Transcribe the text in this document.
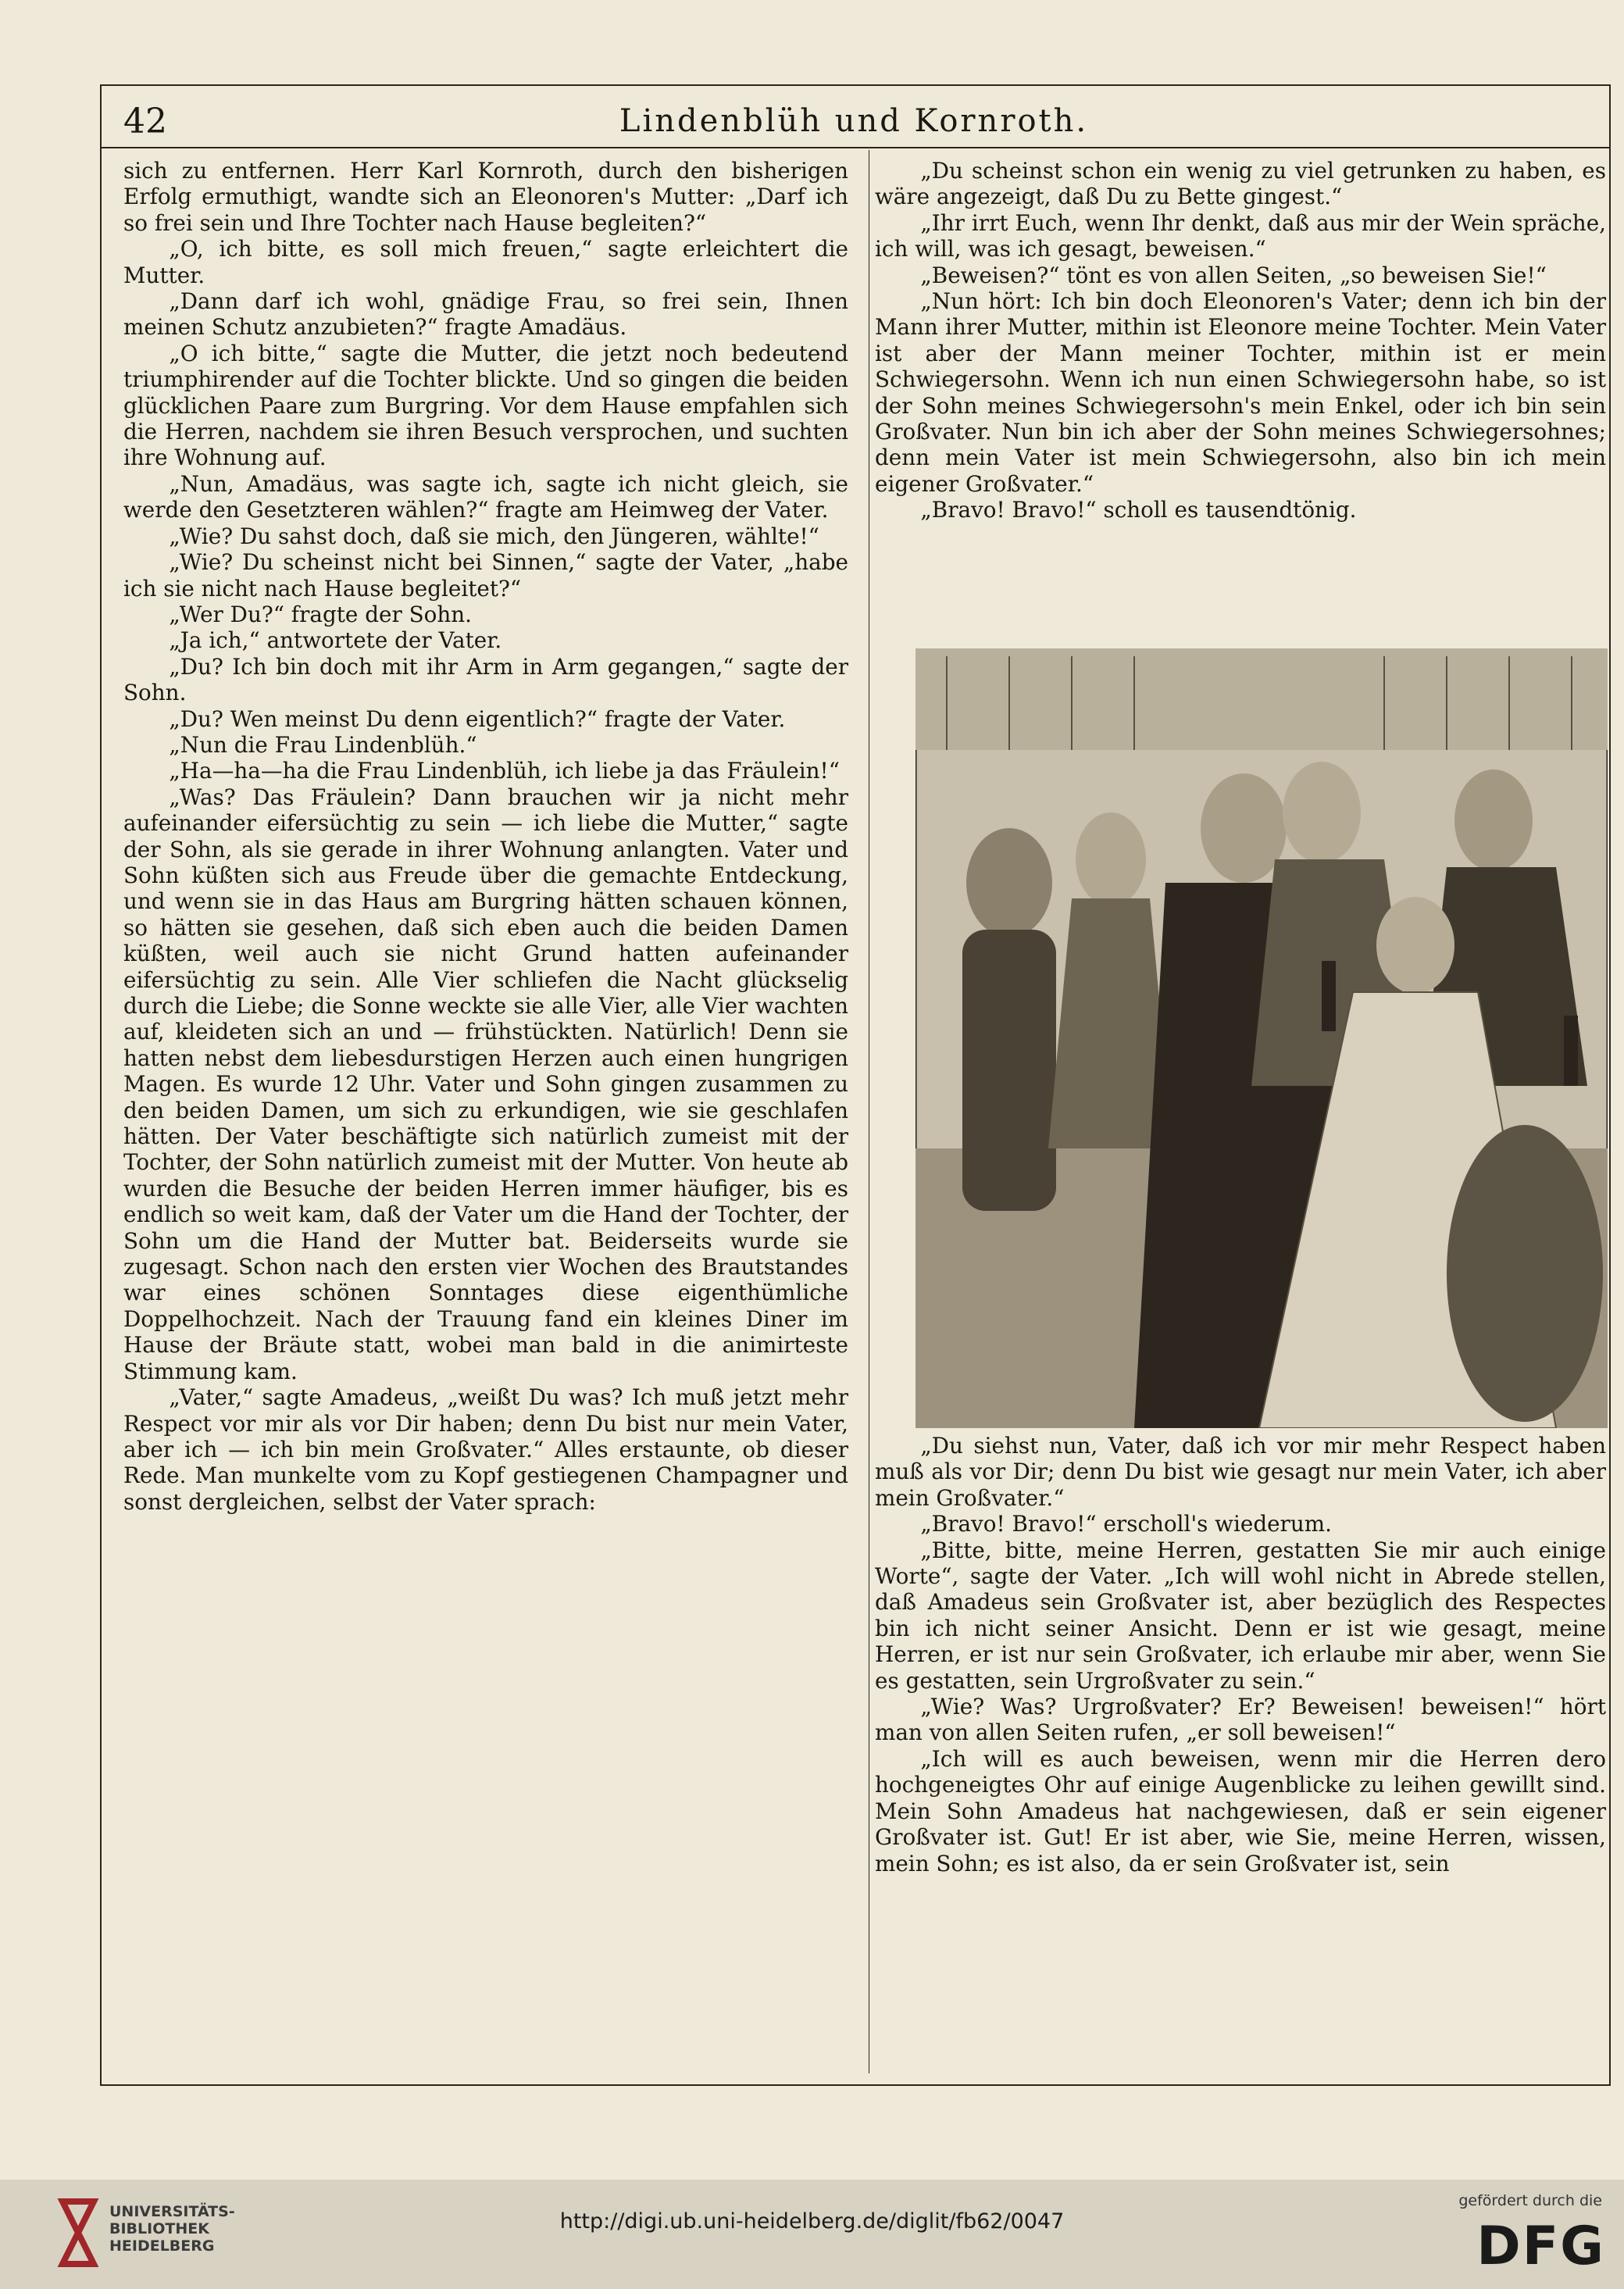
42	Lindenblüh und Kornroth.

sich zu entfernen. Herr Karl Kornroth, durch den bisherigen Erfolg ermuthigt, wandte sich an Eleonoren's Mutter: „Darf ich so frei sein und Ihre Tochter nach Hause begleiten?“

„O, ich bitte, es soll mich freuen,“ sagte erleichtert die Mutter.

„Dann darf ich wohl, gnädige Frau, so frei sein, Ihnen meinen Schutz anzubieten?“ fragte Amadäus.

„O ich bitte,“ sagte die Mutter, die jetzt noch bedeutend triumphirender auf die Tochter blickte. Und so gingen die beiden glücklichen Paare zum Burgring. Vor dem Hause empfahlen sich die Herren, nachdem sie ihren Besuch versprochen, und suchten ihre Wohnung auf.

„Nun, Amadäus, was sagte ich, sagte ich nicht gleich, sie werde den Gesetzteren wählen?“ fragte am Heimweg der Vater.

„Wie? Du sahst doch, daß sie mich, den Jüngeren, wählte!“

„Wie? Du scheinst nicht bei Sinnen,“ sagte der Vater, „habe ich sie nicht nach Hause begleitet?“

„Wer Du?“ fragte der Sohn.

„Ja ich,“ antwortete der Vater.

„Du? Ich bin doch mit ihr Arm in Arm gegangen,“ sagte der Sohn.

„Du? Wen meinst Du denn eigentlich?“ fragte der Vater.

„Nun die Frau Lindenblüh.“

„Ha—ha—ha die Frau Lindenblüh, ich liebe ja das Fräulein!“

„Was? Das Fräulein? Dann brauchen wir ja nicht mehr aufeinander eifersüchtig zu sein — ich liebe die Mutter,“ sagte der Sohn, als sie gerade in ihrer Wohnung anlangten. Vater und Sohn küßten sich aus Freude über die gemachte Entdeckung, und wenn sie in das Haus am Burgring hätten schauen können, so hätten sie gesehen, daß sich eben auch die beiden Damen küßten, weil auch sie nicht Grund hatten aufeinander eifersüchtig zu sein. Alle Vier schliefen die Nacht glückselig durch die Liebe; die Sonne weckte sie alle Vier, alle Vier wachten auf, kleideten sich an und — frühstückten. Natürlich! Denn sie hatten nebst dem liebesdurstigen Herzen auch einen hungrigen Magen. Es wurde 12 Uhr. Vater und Sohn gingen zusammen zu den beiden Damen, um sich zu erkundigen, wie sie geschlafen hätten. Der Vater beschäftigte sich natürlich zumeist mit der Tochter, der Sohn natürlich zumeist mit der Mutter. Von heute ab wurden die Besuche der beiden Herren immer häufiger, bis es endlich so weit kam, daß der Vater um die Hand der Tochter, der Sohn um die Hand der Mutter bat. Beiderseits wurde sie zugesagt. Schon nach den ersten vier Wochen des Brautstandes war eines schönen Sonntages diese eigenthümliche Doppelhochzeit. Nach der Trauung fand ein kleines Diner im Hause der Bräute statt, wobei man bald in die animirteste Stimmung kam.

„Vater,“ sagte Amadeus, „weißt Du was? Ich muß jetzt mehr Respect vor mir als vor Dir haben; denn Du bist nur mein Vater, aber ich — ich bin mein Großvater.“ Alles erstaunte, ob dieser Rede. Man munkelte vom zu Kopf gestiegenen Champagner und sonst dergleichen, selbst der Vater sprach:

„Du scheinst schon ein wenig zu viel getrunken zu haben, es wäre angezeigt, daß Du zu Bette gingest.“

„Ihr irrt Euch, wenn Ihr denkt, daß aus mir der Wein spräche, ich will, was ich gesagt, beweisen.“

„Beweisen?“ tönt es von allen Seiten, „so beweisen Sie!“

„Nun hört: Ich bin doch Eleonoren's Vater; denn ich bin der Mann ihrer Mutter, mithin ist Eleonore meine Tochter. Mein Vater ist aber der Mann meiner Tochter, mithin ist er mein Schwiegersohn. Wenn ich nun einen Schwiegersohn habe, so ist der Sohn meines Schwiegersohn's mein Enkel, oder ich bin sein Großvater. Nun bin ich aber der Sohn meines Schwiegersohnes; denn mein Vater ist mein Schwiegersohn, also bin ich mein eigener Großvater.“

„Bravo! Bravo!“ scholl es tausendtönig.

„Du siehst nun, Vater, daß ich vor mir mehr Respect haben muß als vor Dir; denn Du bist wie gesagt nur mein Vater, ich aber mein Großvater.“

„Bravo! Bravo!“ erscholl's wiederum.

„Bitte, bitte, meine Herren, gestatten Sie mir auch einige Worte“, sagte der Vater. „Ich will wohl nicht in Abrede stellen, daß Amadeus sein Großvater ist, aber bezüglich des Respectes bin ich nicht seiner Ansicht. Denn er ist wie gesagt, meine Herren, er ist nur sein Großvater, ich erlaube mir aber, wenn Sie es gestatten, sein Urgroßvater zu sein.“

„Wie? Was? Urgroßvater? Er? Beweisen! beweisen!“ hört man von allen Seiten rufen, „er soll beweisen!“

„Ich will es auch beweisen, wenn mir die Herren dero hochgeneigtes Ohr auf einige Augenblicke zu leihen gewillt sind. Mein Sohn Amadeus hat nachgewiesen, daß er sein eigener Großvater ist. Gut! Er ist aber, wie Sie, meine Herren, wissen, mein Sohn; es ist also, da er sein Großvater ist, sein

UNIVERSITÄTS-
BIBLIOTHEK
HEIDELBERG
http://digi.ub.uni-heidelberg.de/diglit/fb62/0047
gefördert durch die
DFG
